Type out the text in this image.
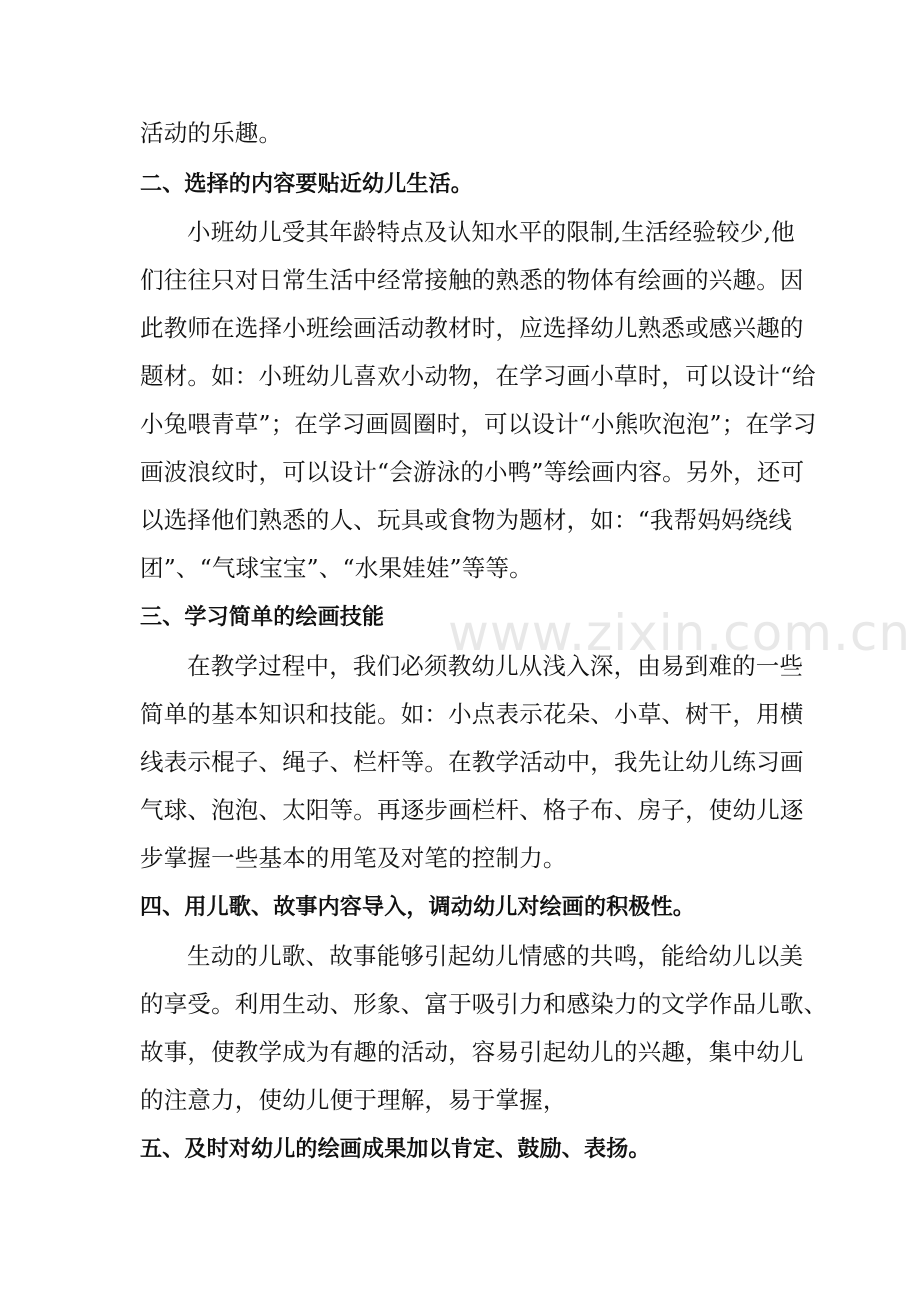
活动的乐趣。
二、选择的内容要贴近幼儿生活。
小班幼儿受其年龄特点及认知水平的限制,生活经验较少,他
们往往只对日常生活中经常接触的熟悉的物体有绘画的兴趣。因
此教师在选择小班绘画活动教材时，应选择幼儿熟悉或感兴趣的
题材。如：小班幼儿喜欢小动物，在学习画小草时，可以设计“给
小兔喂青草”；在学习画圆圈时，可以设计“小熊吹泡泡”；在学习
画波浪纹时，可以设计“会游泳的小鸭”等绘画内容。另外，还可
以选择他们熟悉的人、玩具或食物为题材，如：“我帮妈妈绕线
团”、“气球宝宝”、“水果娃娃”等等。
三、学习简单的绘画技能
在教学过程中，我们必须教幼儿从浅入深，由易到难的一些
简单的基本知识和技能。如：小点表示花朵、小草、树干，用横
线表示棍子、绳子、栏杆等。在教学活动中，我先让幼儿练习画
气球、泡泡、太阳等。再逐步画栏杆、格子布、房子，使幼儿逐
步掌握一些基本的用笔及对笔的控制力。
四、用儿歌、故事内容导入，调动幼儿对绘画的积极性。
生动的儿歌、故事能够引起幼儿情感的共鸣，能给幼儿以美
的享受。利用生动、形象、富于吸引力和感染力的文学作品儿歌、
故事，使教学成为有趣的活动，容易引起幼儿的兴趣，集中幼儿
的注意力，使幼儿便于理解，易于掌握，
五、及时对幼儿的绘画成果加以肯定、鼓励、表扬。
www.zixin.com.cn
